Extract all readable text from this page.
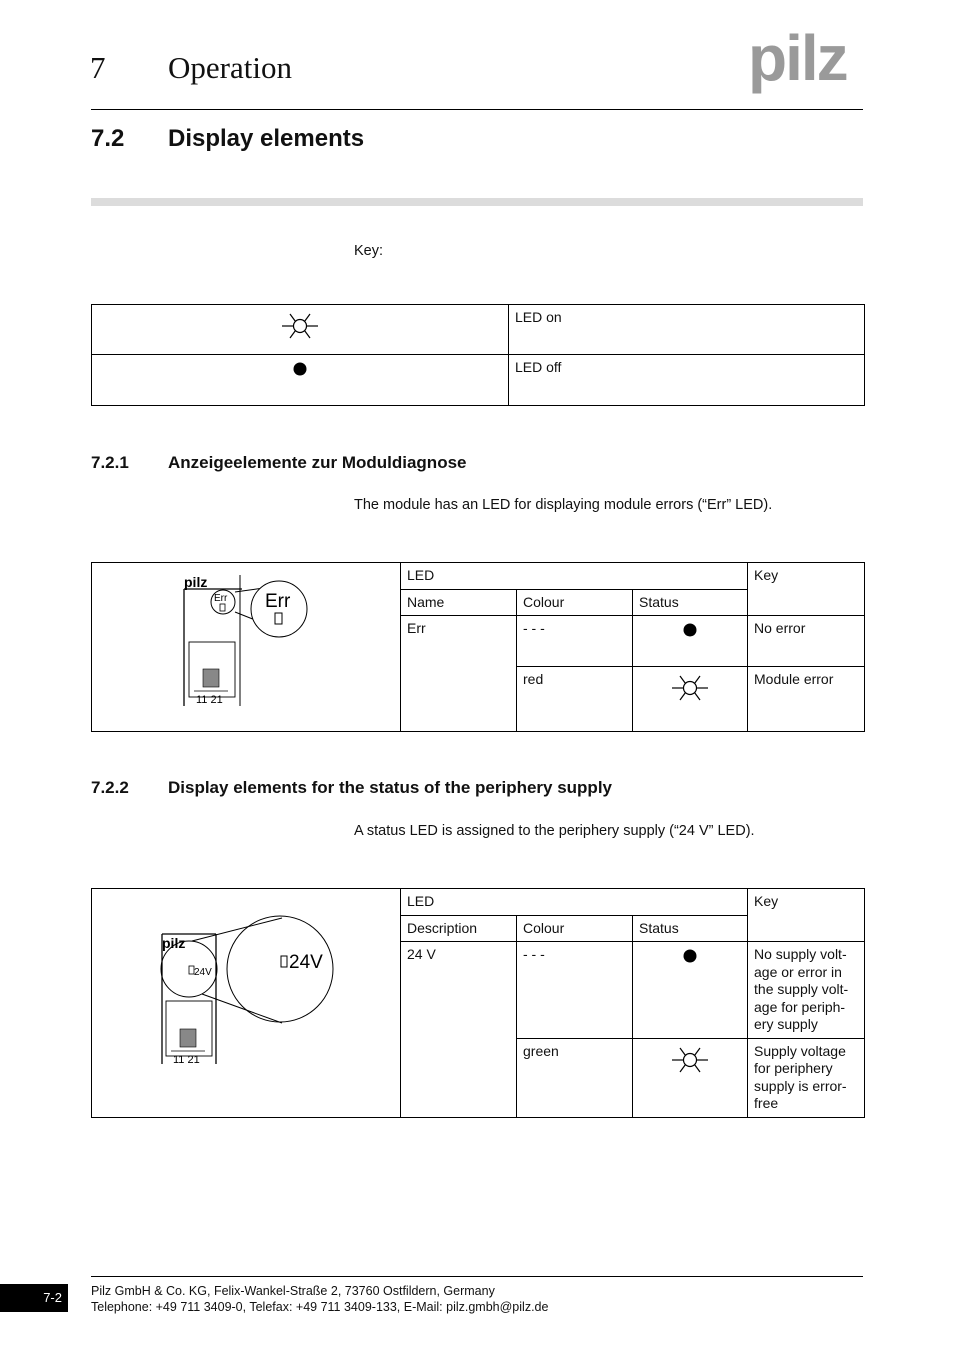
7 Operation	pilz
7.2 Display elements
Key:
	LED on
	LED off
7.2.1 Anzeigeelemente zur Moduldiagnose
The module has an LED for displaying module errors (“Err” LED).
pilz
Err Err
11 21	LED			Key
	Name	Colour	Status	
	Err	- - -		No error
		red		Module error
7.2.2 Display elements for the status of the periphery supply
A status LED is assigned to the periphery supply (“24 V” LED).
pilz
24V 24V
11 21	LED			Key
	Description	Colour	Status	
	24 V	- - -		No supply volt-
age or error in
the supply volt-
age for periph-
ery supply

		green		Supply voltage
for periphery
supply is error-
free
7-2	Pilz GmbH & Co. KG, Felix-Wankel-Straße 2, 73760 Ostfildern, Germany
Telephone: +49 711 3409-0, Telefax: +49 711 3409-133, E-Mail: pilz.gmbh@pilz.de
